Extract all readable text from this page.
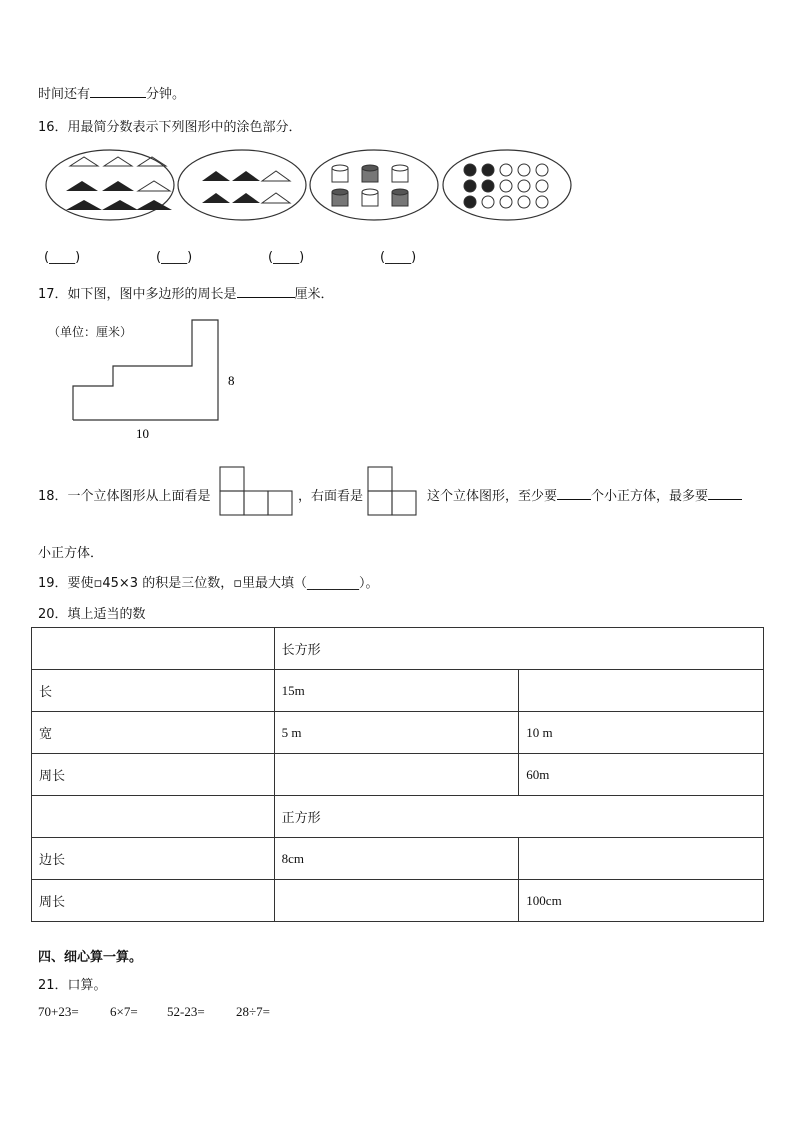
时间还有	分钟。
16．用最简分数表示下列图形中的涂色部分．
(____)	(____)	(____)	(____)
17．如下图，图中多边形的周长是	厘米．
（单位：厘米）
8
10
18．一个立体图形从上面看是	，右面看是	这个立体图形，至少要	个小正方体，最多要
小正方体．
19．要使▫45×3 的积是三位数，▫里最大填（________）。
20．填上适当的数
	长方形	
长	15m	
宽	5 m	10 m
周长		60m
	正方形	
边长	8cm	
周长		100cm
四、细心算一算。
21．口算。
70+23= 6×7= 52-23= 28÷7=
